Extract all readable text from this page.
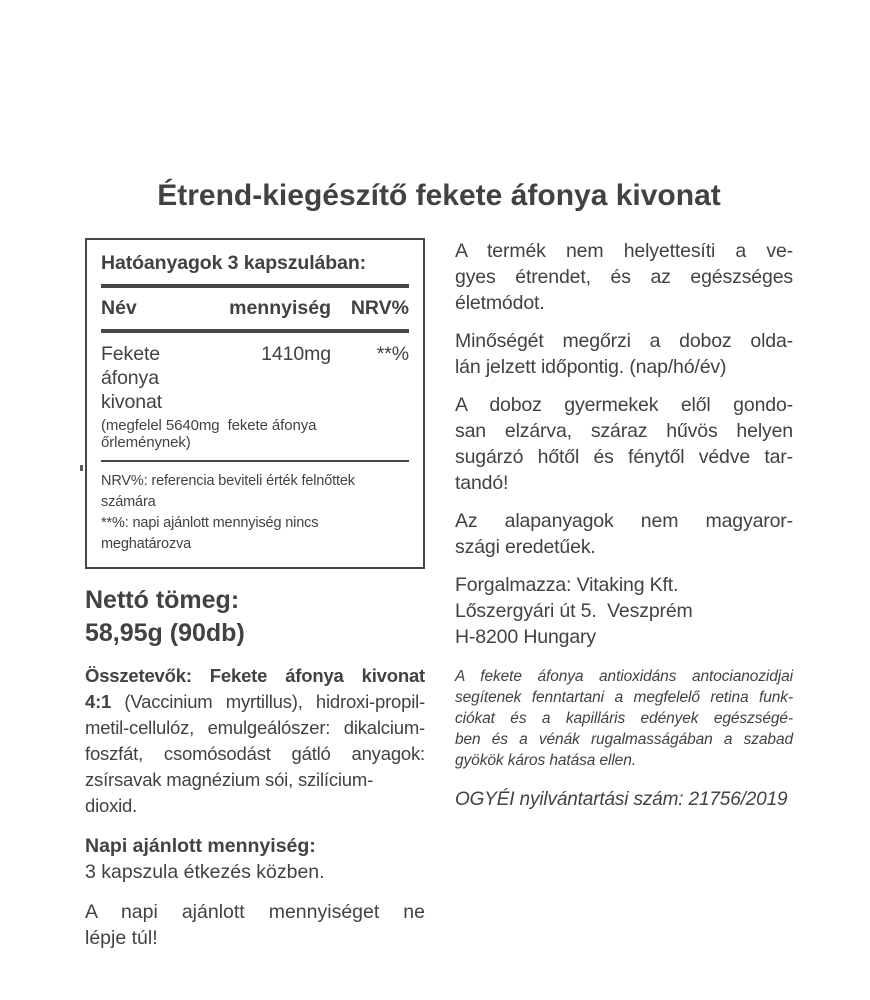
Étrend-kiegészítő fekete áfonya kivonat
Hatóanyagok 3 kapszulában:
Név	mennyiség	NRV%
Fekete áfonya
kivonat
1410mg	**%
(megfelel 5640mg  fekete áfonya őrleménynek)
NRV%: referencia beviteli érték felnőttek számára
**%: napi ajánlott mennyiség nincs meghatározva
Nettó tömeg:
58,95g (90db)
Összetevők: Fekete áfonya kivonat
4:1 (Vaccinium myrtillus), hidroxi-propil-
metil-cellulóz, emulgeálószer: dikalcium-
foszfát, csomósodást gátló anyagok:
zsírsavak magnézium sói, szilícium-dioxid.
Napi ajánlott mennyiség:
3 kapszula étkezés közben.
A napi ajánlott mennyiséget ne
lépje túl!
A termék nem helyettesíti a ve-
gyes étrendet, és az egészséges
életmódot.
Minőségét megőrzi a doboz olda-
lán jelzett időpontig. (nap/hó/év)
A doboz gyermekek elől gondo-
san elzárva, száraz hűvös helyen
sugárzó hőtől és fénytől védve tar-
tandó!
Az alapanyagok nem magyaror-
szági eredetűek.
Forgalmazza: Vitaking Kft.
Lőszergyári út 5.  Veszprém
H-8200 Hungary
A fekete áfonya antioxidáns antocianozidjai
segítenek fenntartani a megfelelő retina funk-
ciókat és a kapilláris edények egészségé-
ben és a vénák rugalmasságában a szabad
gyökök káros hatása ellen.
OGYÉI nyilvántartási szám: 21756/2019
